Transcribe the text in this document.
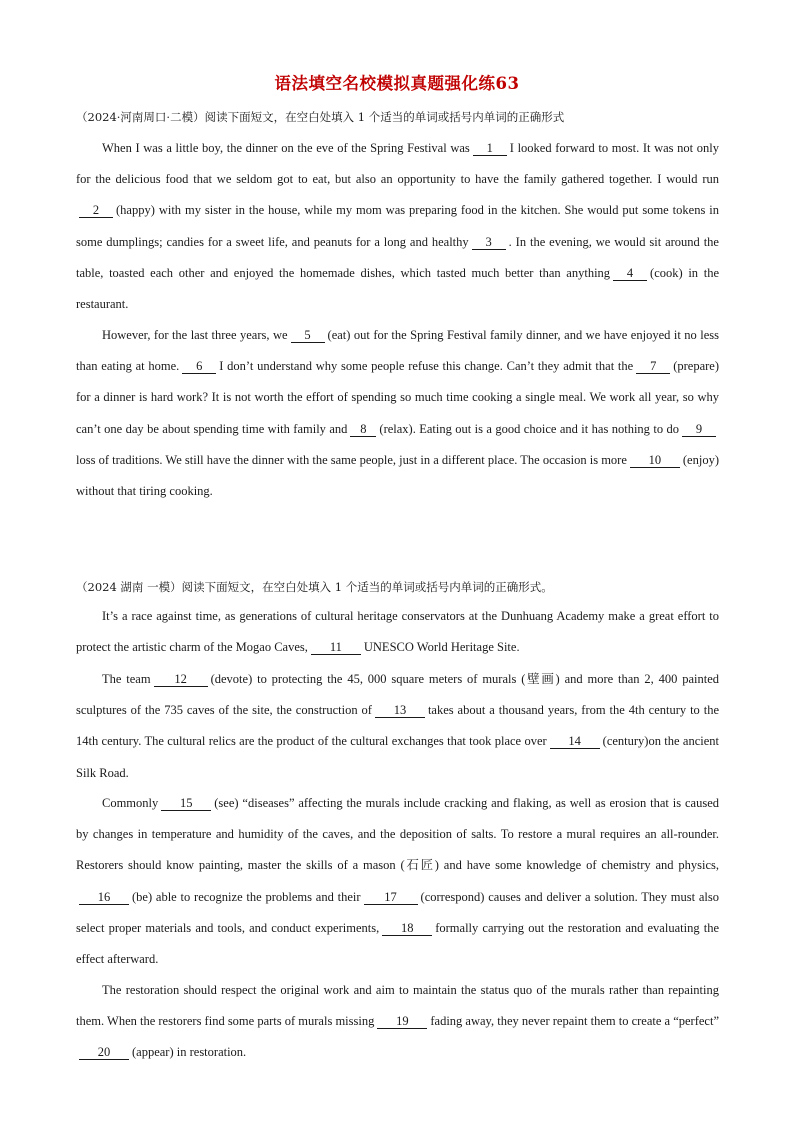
语法填空名校模拟真题强化练63
（2024·河南周口·二模）阅读下面短文，在空白处填入 1 个适当的单词或括号内单词的正确形式
When I was a little boy, the dinner on the eve of the Spring Festival was 1 I looked forward to most. It was not only for the delicious food that we seldom got to eat, but also an opportunity to have the family gathered together. I would run2 (happy) with my sister in the house, while my mom was preparing food in the kitchen. She would put some tokens in some dumplings; candies for a sweet life, and peanuts for a long and healthy 3 . In the evening, we would sit around the table, toasted each other and enjoyed the homemade dishes, which tasted much better than anything 4 (cook) in the restaurant.
However, for the last three years, we 5 (eat) out for the Spring Festival family dinner, and we have enjoyed it no less than eating at home. 6 I don’t understand why some people refuse this change. Can’t they admit that the 7 (prepare) for a dinner is hard work? It is not worth the effort of spending so much time cooking a single meal. We work all year, so why can’t one day be about spending time with family and 8 (relax). Eating out is a good choice and it has nothing to do 9loss of traditions. We still have the dinner with the same people, just in a different place. The occasion is more 10 (enjoy) without that tiring cooking.
（2024 湖南 一模）阅读下面短文，在空白处填入 1 个适当的单词或括号内单词的正确形式。
It’s a race against time, as generations of cultural heritage conservators at the Dunhuang Academy make a great effort to protect the artistic charm of the Mogao Caves, 11 UNESCO World Heritage Site.
The team 12 (devote) to protecting the 45, 000 square meters of murals (壁画) and more than 2, 400 painted sculptures of the 735 caves of the site, the construction of 13 takes about a thousand years, from the 4th century to the 14th century. The cultural relics are the product of the cultural exchanges that took place over 14 (century)on the ancient Silk Road.
Commonly 15 (see) “diseases” affecting the murals include cracking and flaking, as well as erosion that is caused by changes in temperature and humidity of the caves, and the deposition of salts. To restore a mural requires an all-rounder. Restorers should know painting, master the skills of a mason (石匠) and have some knowledge of chemistry and physics,16 (be) able to recognize the problems and their 17 (correspond) causes and deliver a solution. They must also select proper materials and tools, and conduct experiments, 18 formally carrying out the restoration and evaluating the effect afterward.
The restoration should respect the original work and aim to maintain the status quo of the murals rather than repainting them. When the restorers find some parts of murals missing 19 fading away, they never repaint them to create a “perfect”20 (appear) in restoration.
